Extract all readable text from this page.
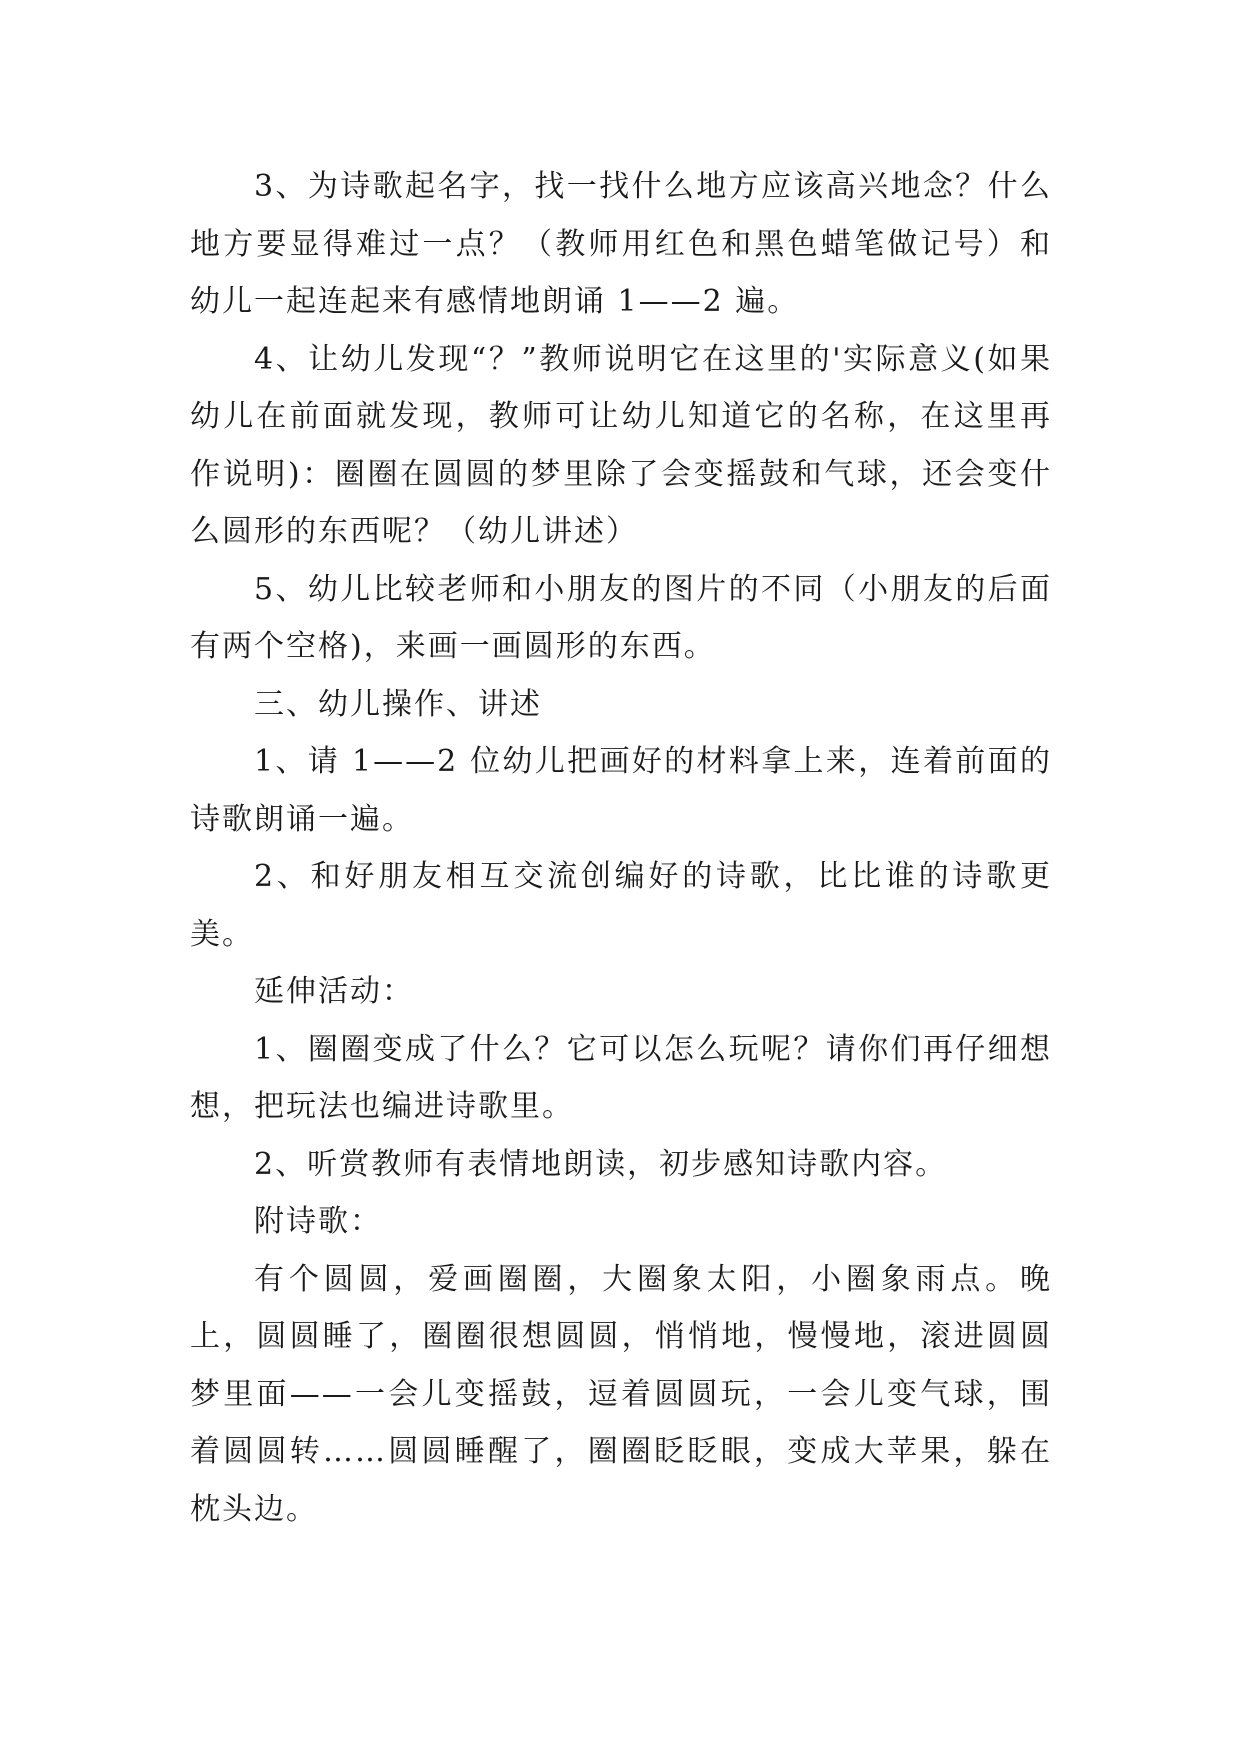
3、为诗歌起名字，找一找什么地方应该高兴地念？什么地方要显得难过一点？（教师用红色和黑色蜡笔做记号）和幼儿一起连起来有感情地朗诵 1——2 遍。

4、让幼儿发现“？”教师说明它在这里的'实际意义(如果幼儿在前面就发现，教师可让幼儿知道它的名称，在这里再作说明)：圈圈在圆圆的梦里除了会变摇鼓和气球，还会变什么圆形的东西呢？（幼儿讲述）

5、幼儿比较老师和小朋友的图片的不同（小朋友的后面有两个空格)，来画一画圆形的东西。

三、幼儿操作、讲述

1、请 1——2 位幼儿把画好的材料拿上来，连着前面的诗歌朗诵一遍。

2、和好朋友相互交流创编好的诗歌，比比谁的诗歌更美。

延伸活动：

1、圈圈变成了什么？它可以怎么玩呢？请你们再仔细想想，把玩法也编进诗歌里。

2、听赏教师有表情地朗读，初步感知诗歌内容。

附诗歌：

有个圆圆，爱画圈圈，大圈象太阳，小圈象雨点。晚上，圆圆睡了，圈圈很想圆圆，悄悄地，慢慢地，滚进圆圆梦里面——一会儿变摇鼓，逗着圆圆玩，一会儿变气球，围着圆圆转……圆圆睡醒了，圈圈眨眨眼，变成大苹果，躲在枕头边。
